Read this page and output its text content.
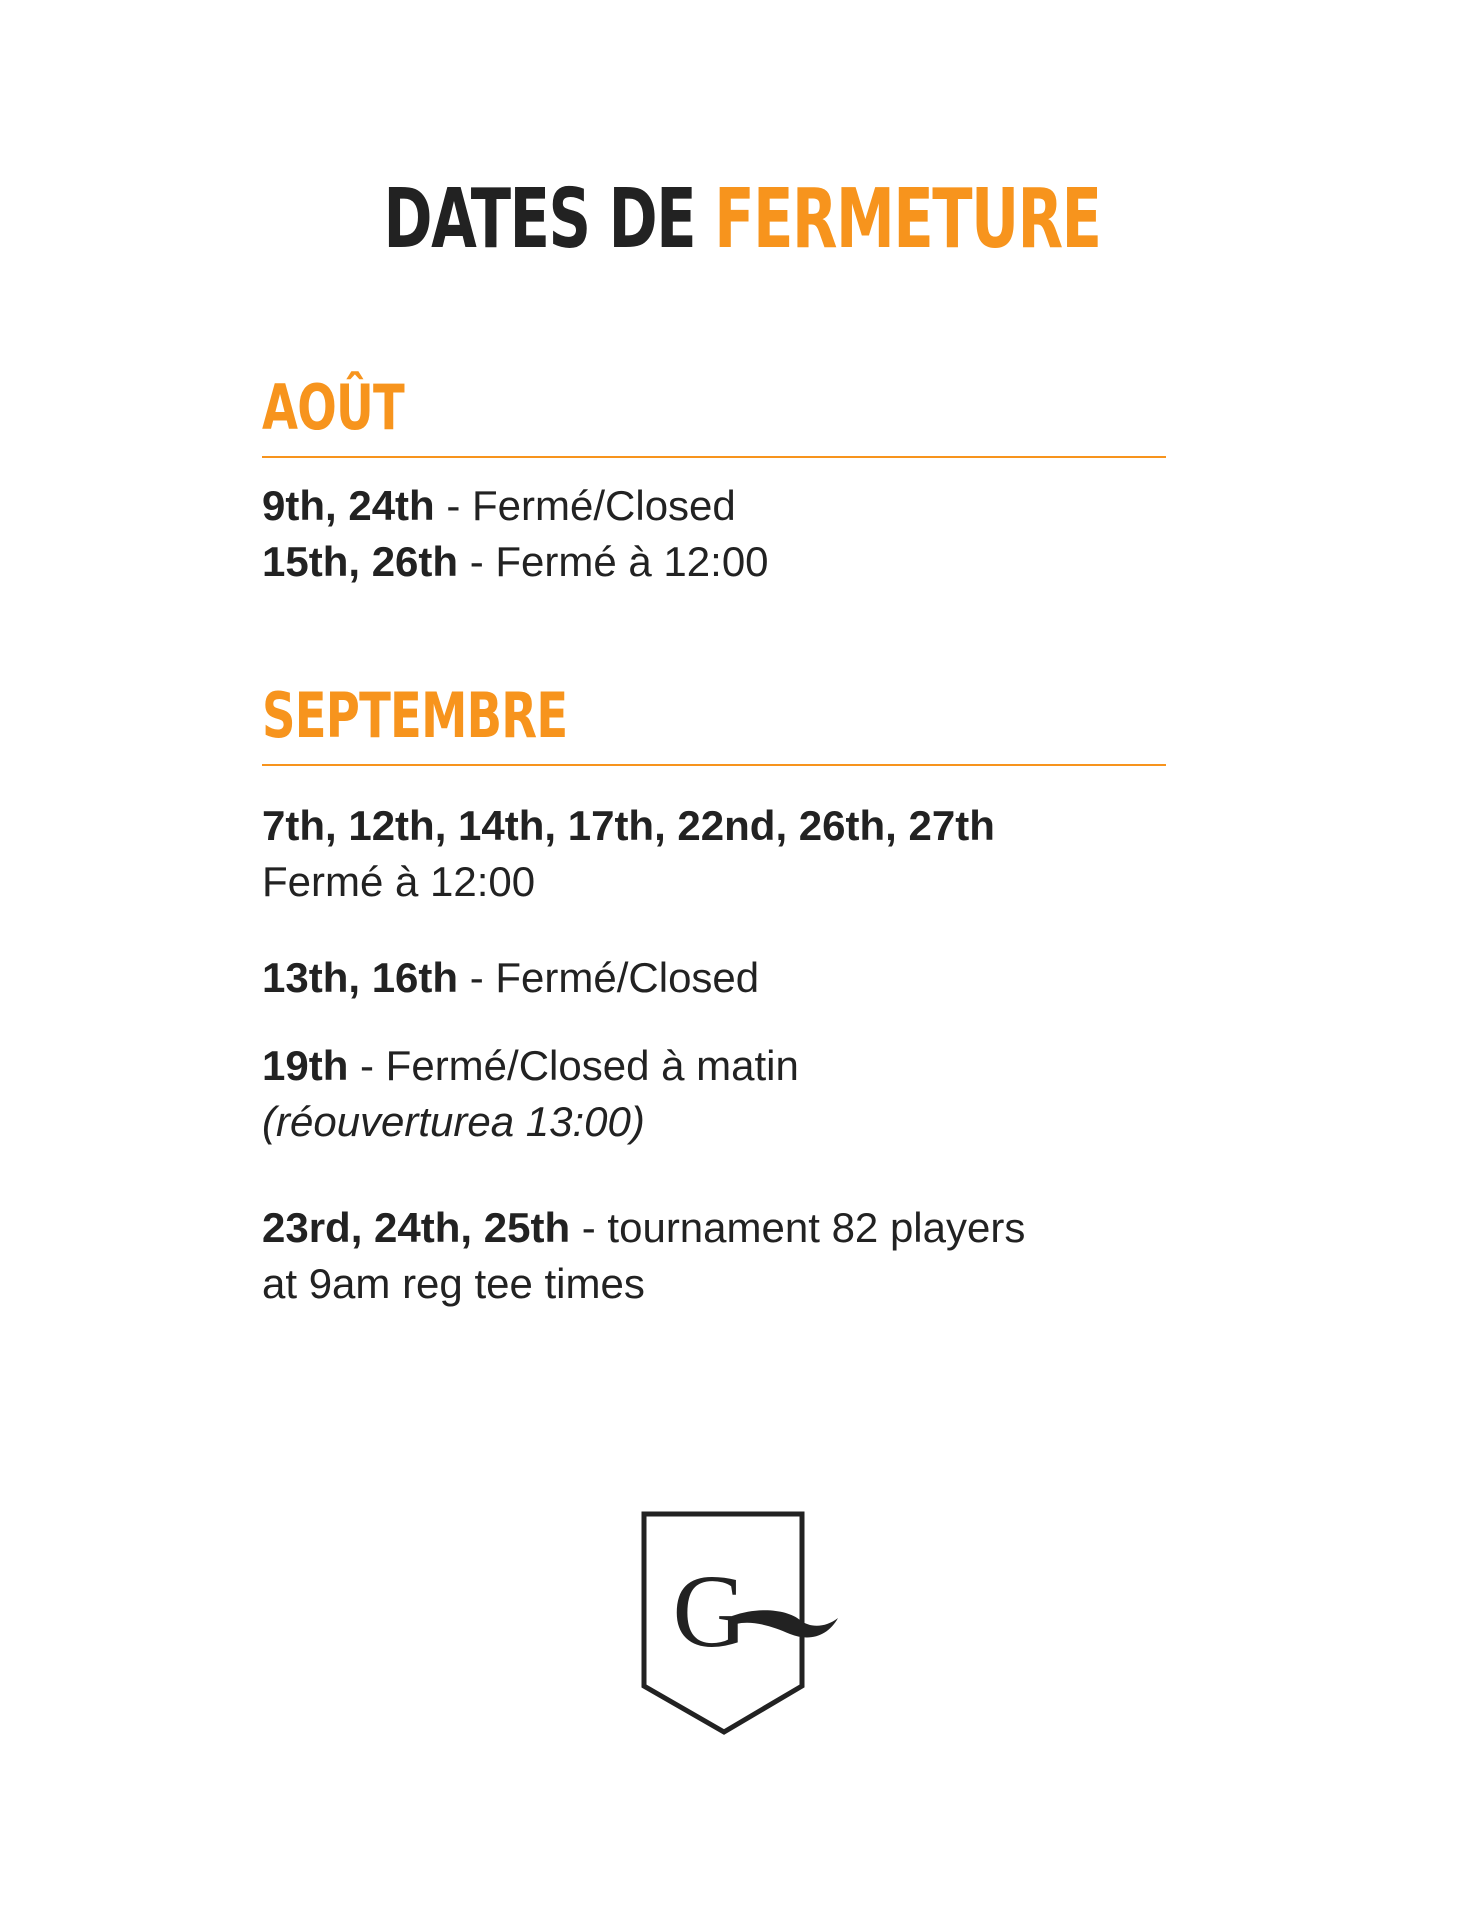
DATES DE FERMETURE
AOÛT
9th, 24th - Fermé/Closed
15th, 26th - Fermé à 12:00
SEPTEMBRE
7th, 12th, 14th, 17th, 22nd, 26th, 27th
Fermé à 12:00
13th, 16th - Fermé/Closed
19th - Fermé/Closed à matin
(réouverturea 13:00)
23rd, 24th, 25th - tournament 82 players
at 9am reg tee times
G
